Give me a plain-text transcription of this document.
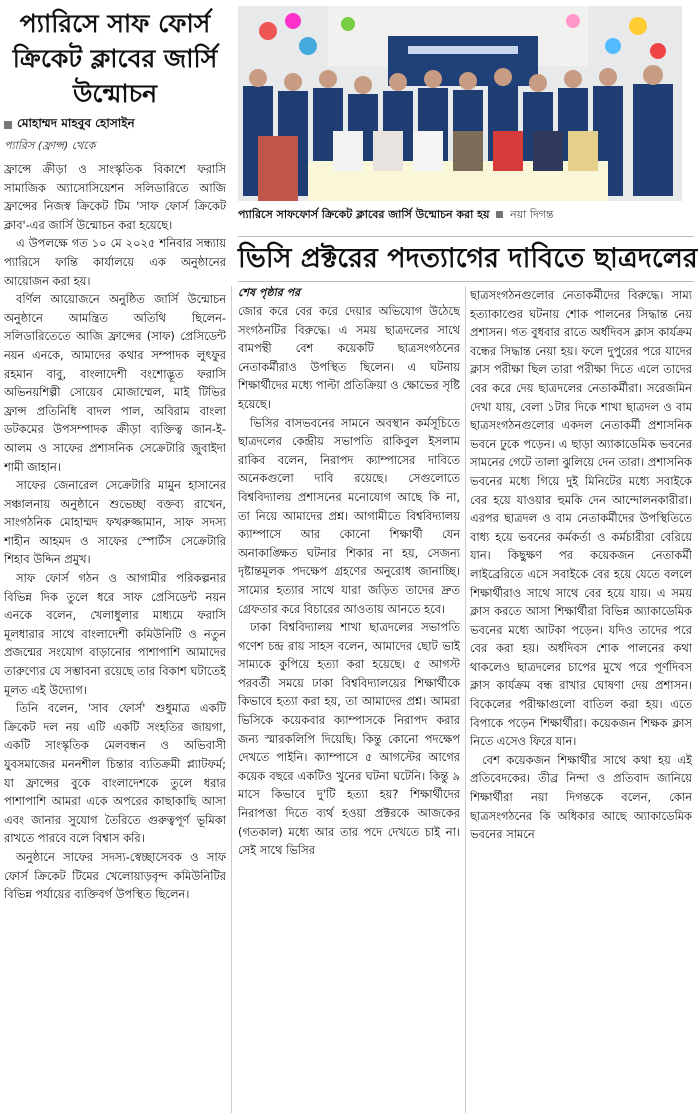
প্যারিসে সাফ ফোর্স ক্রিকেট ক্লাবের জার্সি উন্মোচন
মোহাম্মদ মাহবুব হোসাইন
প্যারিস (ফ্রান্স) থেকে

ফ্রান্সে ক্রীড়া ও সাংস্কৃতিক বিকাশে ফরাসি সামাজিক অ্যাসোসিয়েশন সলিডারিতে আজি ফ্রান্সের নিজস্ব ক্রিকেট টিম 'সাফ ফোর্স ক্রিকেট ক্লাব'-এর জার্সি উন্মোচন করা হয়েছে।

এ উপলক্ষে গত ১০ মে ২০২৫ শনিবার সন্ধ্যায় প্যারিসে ফান্তি কার্যালয়ে এক অনুষ্ঠানের আয়োজন করা হয়।

বর্ণিল আয়োজনে অনুষ্ঠিত জার্সি উন্মোচন অনুষ্ঠানে আমন্ত্রিত অতিথি ছিলেন- সলিডারিতেতে আজি ফ্রান্সের (সাফ) প্রেসিডেন্ট নয়ন এনকে, আমাদের কথার সম্পাদক লুৎফুর রহমান বাবু, বাংলাদেশী বংশোদ্ভূত ফরাসি অভিনয়শিল্পী সোয়েব মোজাম্মেল, মাই টিভির ফ্রান্স প্রতিনিধি বাদল পাল, অবিরাম বাংলা ডটকমের উপসম্পাদক ক্রীড়া ব্যক্তিত্ব জান-ই-আলম ও সাফের প্রশাসনিক সেক্রেটারি জুবাইদা শামী জাহান।

সাফের জেনারেল সেক্রেটারি মামুন হাসানের সঞ্চালনায় অনুষ্ঠানে শুভেচ্ছা বক্তব্য রাখেন, সাংগঠনিক মোহাম্মদ ফখরুজ্জামান, সাফ সদস্য শাহীন আহমদ ও সাফের স্পোর্টস সেক্রেটারি শিহাব উদ্দিন প্রমুখ।

সাফ ফোর্স গঠন ও আগামীর পরিকল্পনার বিভিন্ন দিক তুলে ধরে সাফ প্রেসিডেন্ট নয়ন এনকে বলেন, খেলাধুলার মাধ্যমে ফরাসি মূলধারার সাথে বাংলাদেশী কমিউনিটি ও নতুন প্রজন্মের সংযোগ বাড়ানোর পাশাপাশি আমাদের তারুণ্যের যে সম্ভাবনা রয়েছে তার বিকাশ ঘটাতেই মূলত এই উদ্যোগ।

তিনি বলেন, 'সাব ফোর্স' শুধুমাত্র একটি ক্রিকেট দল নয় এটি একটি সংহতির জায়গা, একটি সাংস্কৃতিক মেলবন্ধন ও অভিবাসী যুবসমাজের মননশীল চিন্তার ব্যতিক্রমী প্ল্যাটফর্ম; যা ফ্রান্সের বুকে বাংলাদেশকে তুলে ধরার পাশাপাশি আমরা একে অপরের কাছাকাছি আসা এবং জানার সুযোগ তৈরিতে গুরুত্বপূর্ণ ভূমিকা রাখতে পারবে বলে বিশ্বাস করি।

অনুষ্ঠানে সাফের সদস্য-স্বেচ্ছাসেবক ও সাফ ফোর্স ক্রিকেট টিমের খেলোয়াড়বৃন্দ কমিউনিটির বিভিন্ন পর্যায়ের ব্যক্তিবর্গ উপস্থিত ছিলেন।

প্যারিসে সাফফোর্স ক্রিকেট ক্লাবের জার্সি উন্মোচন করা হয় নয়া দিগন্ত
ভিসি প্রক্টরের পদত্যাগের দাবিতে ছাত্রদলের
শেষ পৃষ্ঠার পর

জোর করে বের করে দেয়ার অভিযোগ উঠেছে সংগঠনটির বিরুদ্ধে। এ সময় ছাত্রদলের সাথে বামপন্থী বেশ কয়েকটি ছাত্রসংগঠনের নেতাকর্মীরাও উপস্থিত ছিলেন। এ ঘটনায় শিক্ষার্থীদের মধ্যে পাল্টা প্রতিক্রিয়া ও ক্ষোভের সৃষ্টি হয়েছে।

ভিসির বাসভবনের সামনে অবস্থান কর্মসূচিতে ছাত্রদলের কেন্দ্রীয় সভাপতি রাকিবুল ইসলাম রাকিব বলেন, নিরাপদ ক্যাম্পাসের দাবিতে অনেকগুলো দাবি রয়েছে। সেগুলোতে বিশ্ববিদ্যালয় প্রশাসনের মনোযোগ আছে কি না, তা নিয়ে আমাদের প্রশ্ন। আগামীতে বিশ্ববিদ্যালয় ক্যাম্পাসে আর কোনো শিক্ষার্থী যেন অনাকাঙ্ক্ষিত ঘটনার শিকার না হয়, সেজন্য দৃষ্টান্তমূলক পদক্ষেপ গ্রহণের অনুরোধ জানাচ্ছি। সাম্যের হত্যার সাথে যারা জড়িত তাদের দ্রুত গ্রেফতার করে বিচারের আওতায় আনতে হবে।

ঢাকা বিশ্ববিদ্যালয় শাখা ছাত্রদলের সভাপতি গণেশ চন্দ্র রায় সাহস বলেন, আমাদের ছোট ভাই সাম্যকে কুপিয়ে হত্যা করা হয়েছে। ৫ আগস্ট পরবর্তী সময়ে ঢাকা বিশ্ববিদ্যালয়ের শিক্ষার্থীকে কিভাবে হত্যা করা হয়, তা আমাদের প্রশ্ন। আমরা ভিসিকে কয়েকবার ক্যাম্পাসকে নিরাপদ করার জন্য স্মারকলিপি দিয়েছি। কিন্তু কোনো পদক্ষেপ দেখতে পাইনি। ক্যাম্পাসে ৫ আগস্টের আগের কয়েক বছরে একটিও খুনের ঘটনা ঘটেনি। কিন্তু ৯ মাসে কিভাবে দু'টি হত্যা হয়? শিক্ষার্থীদের নিরাপত্তা দিতে ব্যর্থ হওয়া প্রক্টরকে আজকের (গতকাল) মধ্যে আর তার পদে দেখতে চাই না। সেই সাথে ভিসির

ছাত্রসংগঠনগুলোর নেতাকর্মীদের বিরুদ্ধে। সাম্য হত্যাকাণ্ডের ঘটনায় শোক পালনের সিদ্ধান্ত নেয় প্রশাসন। গত বুধবার রাতে অর্ধদিবস ক্লাস কার্যক্রম বন্ধের সিদ্ধান্ত নেয়া হয়। ফলে দুপুরের পরে যাদের ক্লাস পরীক্ষা ছিল তারা পরীক্ষা দিতে এলে তাদের বের করে দেয় ছাত্রদলের নেতাকর্মীরা। সরেজমিন দেখা যায়, বেলা ১টার দিকে শাখা ছাত্রদল ও বাম ছাত্রসংগঠনগুলোর একদল নেতাকর্মী প্রশাসনিক ভবনে ঢুকে পড়েন। এ ছাড়া অ্যাকাডেমিক ভবনের সামনের গেটে তালা ঝুলিয়ে দেন তারা। প্রশাসনিক ভবনের মধ্যে গিয়ে দুই মিনিটের মধ্যে সবাইকে বের হয়ে যাওয়ার হুমকি দেন আন্দোলনকারীরা। এরপর ছাত্রদল ও বাম নেতাকর্মীদের উপস্থিতিতে বাধ্য হয়ে ভবনের কর্মকর্তা ও কর্মচারীরা বেরিয়ে যান। কিছুক্ষণ পর কয়েকজন নেতাকর্মী লাইব্রেরিতে এসে সবাইকে বের হয়ে যেতে বললে শিক্ষার্থীরাও সাথে সাথে বের হয়ে যায়। এ সময় ক্লাস করতে আসা শিক্ষার্থীরা বিভিন্ন অ্যাকাডেমিক ভবনের মধ্যে আটকা পড়েন। যদিও তাদের পরে বের করা হয়। অর্ধদিবস শোক পালনের কথা থাকলেও ছাত্রদলের চাপের মুখে পরে পূর্ণদিবস ক্লাস কার্যক্রম বন্ধ রাখার ঘোষণা দেয় প্রশাসন। বিকেলের পরীক্ষাগুলো বাতিল করা হয়। এতে বিপাকে পড়েন শিক্ষার্থীরা। কয়েকজন শিক্ষক ক্লাস নিতে এসেও ফিরে যান।

বেশ কয়েকজন শিক্ষার্থীর সাথে কথা হয় এই প্রতিবেদকের। তীব্র নিন্দা ও প্রতিবাদ জানিয়ে শিক্ষার্থীরা নয়া দিগন্তকে বলেন, কোন ছাত্রসংগঠনের কি অধিকার আছে অ্যাকাডেমিক ভবনের সামনে
